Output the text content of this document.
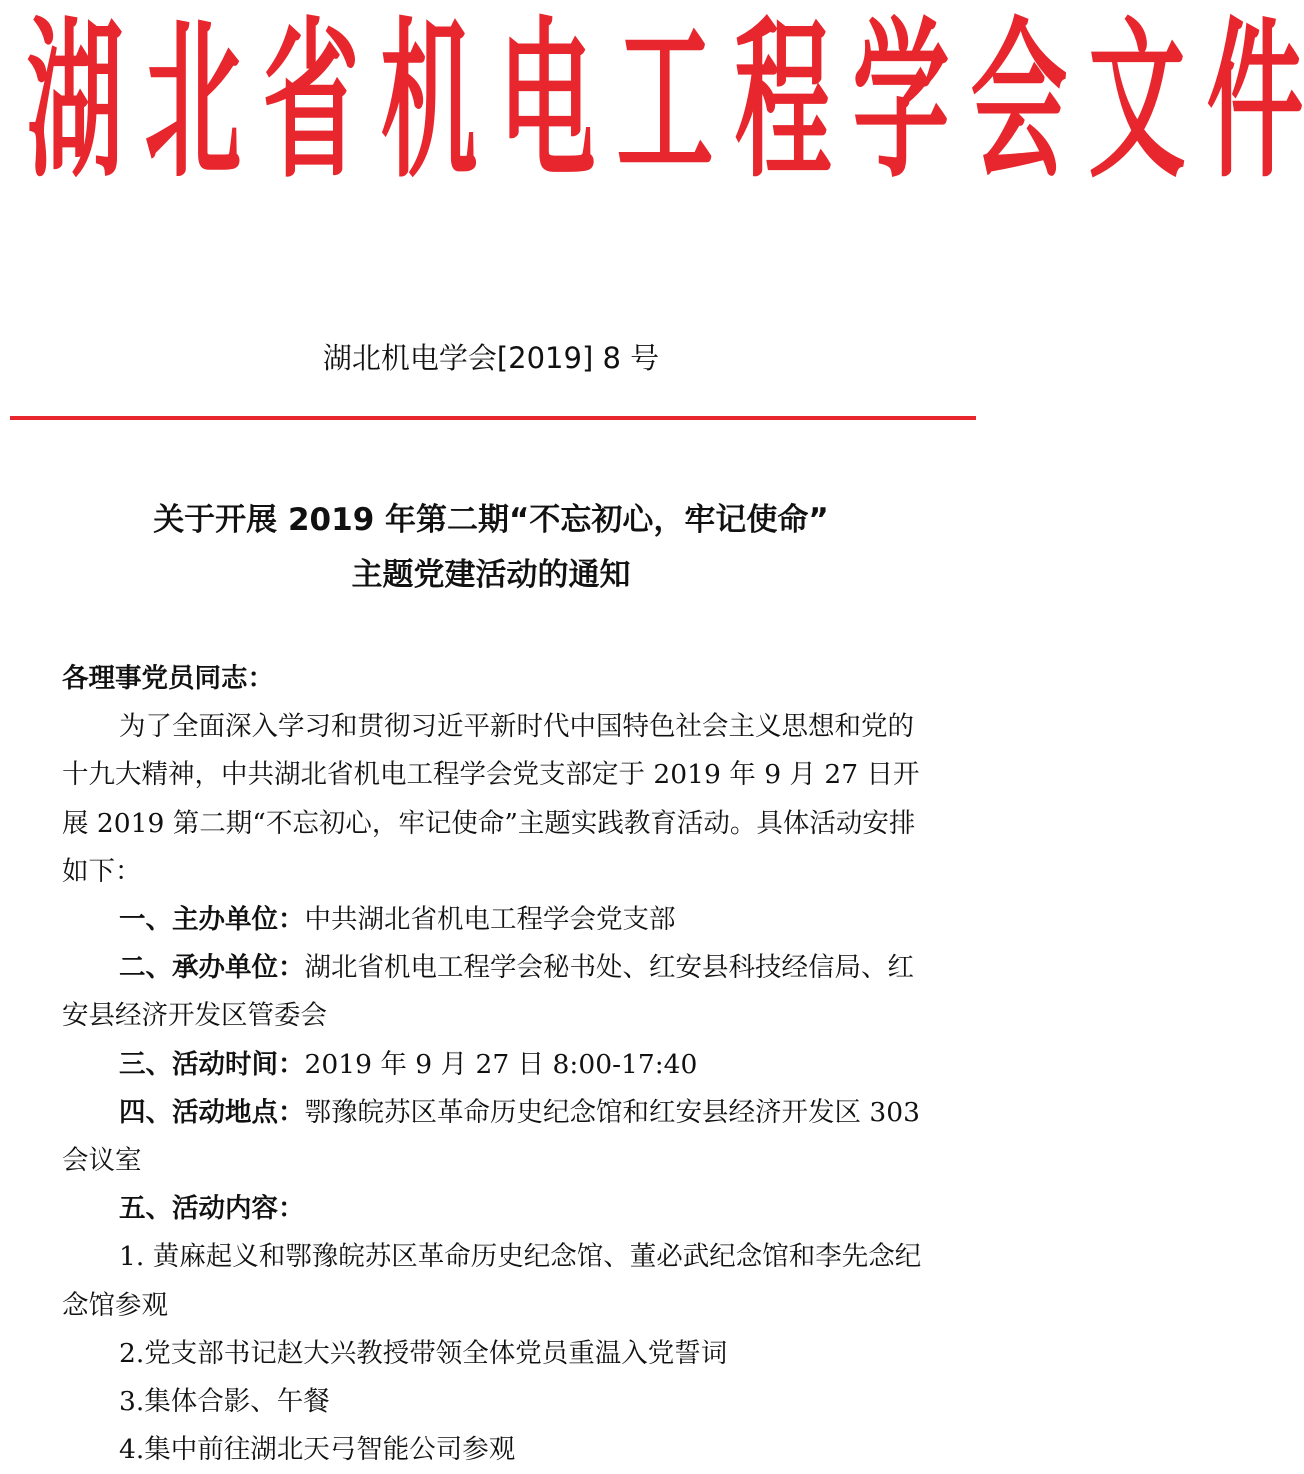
湖 北 省 机 电 工 程 学 会 文 件
湖北机电学会[2019] 8 号
关于开展 2019 年第二期“不忘初心，牢记使命”
主题党建活动的通知

各理事党员同志：

为了全面深入学习和贯彻习近平新时代中国特色社会主义思想和党的十九大精神，中共湖北省机电工程学会党支部定于 2019 年 9 月 27 日开展 2019 第二期“不忘初心，牢记使命”主题实践教育活动。具体活动安排如下：

一、主办单位：中共湖北省机电工程学会党支部

二、承办单位：湖北省机电工程学会秘书处、红安县科技经信局、红安县经济开发区管委会

三、活动时间：2019 年 9 月 27 日 8:00-17:40

四、活动地点：鄂豫皖苏区革命历史纪念馆和红安县经济开发区 303 会议室

五、活动内容：

1. 黄麻起义和鄂豫皖苏区革命历史纪念馆、董必武纪念馆和李先念纪念馆参观

2.党支部书记赵大兴教授带领全体党员重温入党誓词

3.集体合影、午餐

4.集中前往湖北天弓智能公司参观
